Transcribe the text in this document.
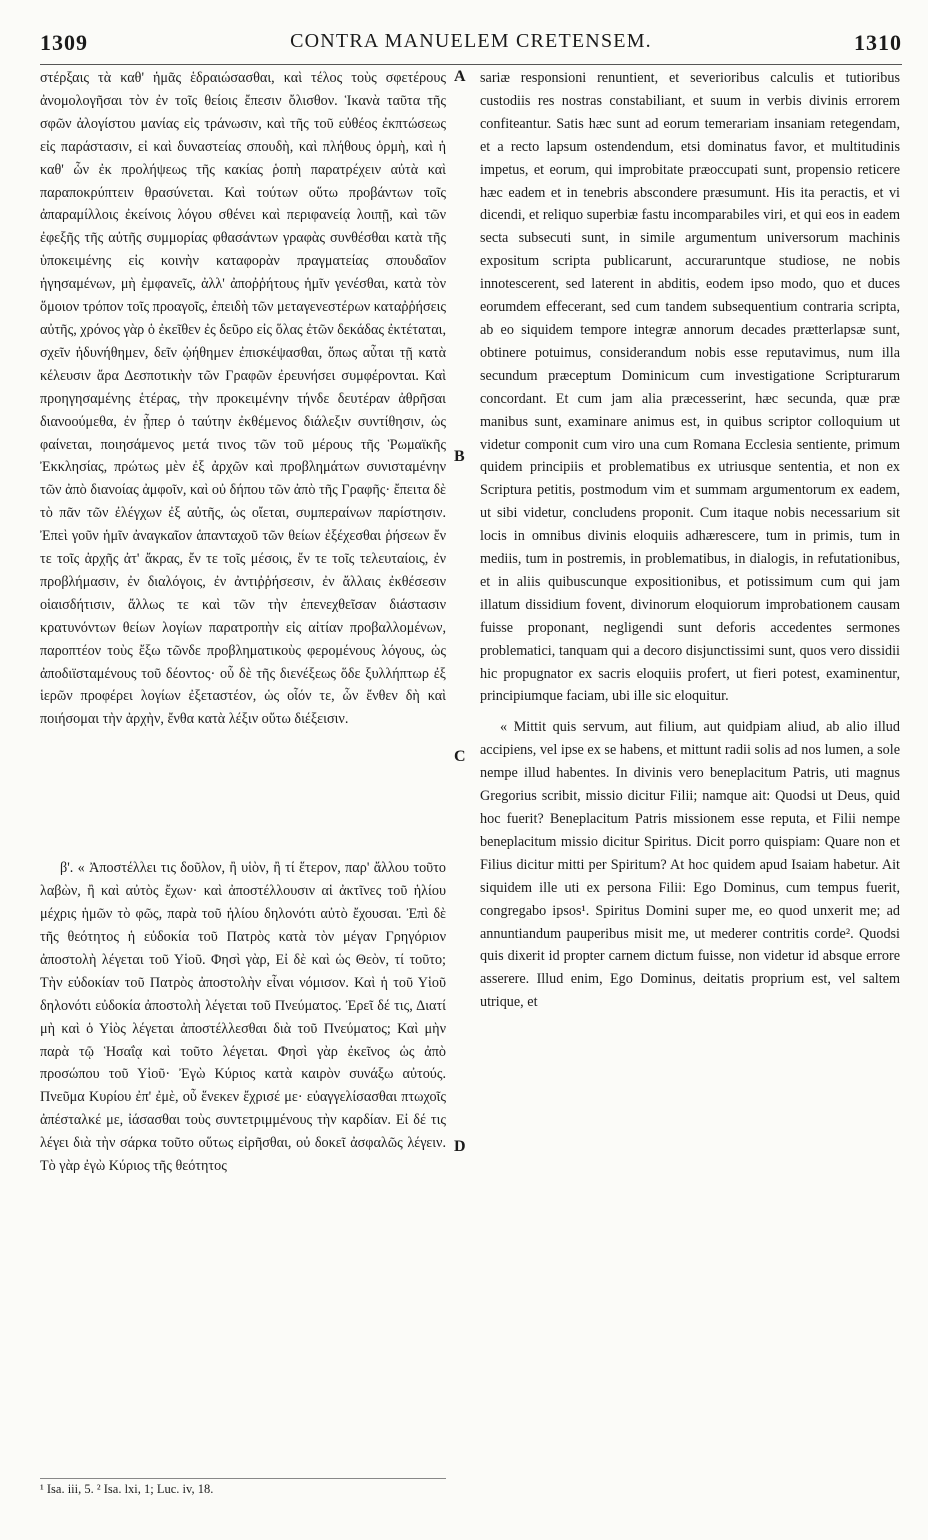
1309	CONTRA MANUELEM CRETENSEM.	1310

στέρξαις τὰ καθ' ἡμᾶς ἑδραιώσασθαι, καὶ τέλος τοὺς σφετέρους ἀνομολογῆσαι τὸν ἐν τοῖς θείοις ἔπεσιν ὄλισθον. Ἱκανὰ ταῦτα τῆς σφῶν ἀλογίστου μανίας εἰς τράνωσιν, καὶ τῆς τοῦ εὐθέος ἐκπτώσεως εἰς παράστασιν, εἰ καὶ δυναστείας σπουδὴ, καὶ πλήθους ὁρμὴ, καὶ ἡ καθ' ὧν ἐκ προλήψεως τῆς κακίας ῥοπὴ παρατρέχειν αὐτὰ καὶ παραποκρύπτειν θρασύνεται. Καὶ τούτων οὕτω προβάντων τοῖς ἀπαραμίλλοις ἐκείνοις λόγου σθένει καὶ περιφανείᾳ λοιπῇ, καὶ τῶν ἐφεξῆς τῆς αὐτῆς συμμορίας φθασάντων γραφὰς συνθέσθαι κατὰ τῆς ὑποκειμένης εἰς κοινὴν καταφορὰν πραγματείας σπουδαῖον ἡγησαμένων, μὴ ἐμφανεῖς, ἀλλ' ἀποῤῥήτους ἡμῖν γενέσθαι, κατὰ τὸν ὅμοιον τρόπον τοῖς προαγοῖς, ἐπειδὴ τῶν μεταγενεστέρων καταῤῥήσεις αὐτῆς, χρόνος γὰρ ὁ ἐκεῖθεν ἐς δεῦρο εἰς ὅλας ἐτῶν δεκάδας ἐκτέταται, σχεῖν ἠδυνήθημεν, δεῖν ᾠήθημεν ἐπισκέψασθαι, ὅπως αὗται τῇ κατὰ κέλευσιν ἄρα Δεσποτικὴν τῶν Γραφῶν ἐρευνήσει συμφέρονται. Καὶ προηγησαμένης ἑτέρας, τὴν προκειμένην τήνδε δευτέραν ἀθρῆσαι διανοούμεθα, ἐν ᾗπερ ὁ ταύτην ἐκθέμενος διάλεξιν συντίθησιν, ὡς φαίνεται, ποιησάμενος μετά τινος τῶν τοῦ μέρους τῆς Ῥωμαϊκῆς Ἐκκλησίας, πρώτως μὲν ἐξ ἀρχῶν καὶ προβλημάτων συνισταμένην τῶν ἀπὸ διανοίας ἀμφοῖν, καὶ οὐ δήπου τῶν ἀπὸ τῆς Γραφῆς· ἔπειτα δὲ τὸ πᾶν τῶν ἐλέγχων ἐξ αὐτῆς, ὡς οἴεται, συμπεραίνων παρίστησιν. Ἐπεὶ γοῦν ἡμῖν ἀναγκαῖον ἁπανταχοῦ τῶν θείων ἐξέχεσθαι ῥήσεων ἔν τε τοῖς ἀρχῆς ἀτ' ἄκρας, ἔν τε τοῖς μέσοις, ἔν τε τοῖς τελευταίοις, ἐν προβλήμασιν, ἐν διαλόγοις, ἐν ἀντιῤῥήσεσιν, ἐν ἄλλαις ἐκθέσεσιν οἱαισδήτισιν, ἄλλως τε καὶ τῶν τὴν ἐπενεχθεῖσαν διάστασιν κρατυνόντων θείων λογίων παρατροπὴν εἰς αἰτίαν προβαλλομένων, παροπτέον τοὺς ἔξω τῶνδε προβληματικοὺς φερομένους λόγους, ὡς ἀποδιϊσταμένους τοῦ δέοντος· οὗ δὲ τῆς διενέξεως ὅδε ξυλλήπτωρ ἐξ ἱερῶν προφέρει λογίων ἐξεταστέον, ὡς οἷόν τε, ὧν ἔνθεν δὴ καὶ ποιήσομαι τὴν ἀρχὴν, ἔνθα κατὰ λέξιν οὕτω διέξεισιν.

β'. « Ἀποστέλλει τις δοῦλον, ἢ υἱὸν, ἢ τί ἕτερον, παρ' ἄλλου τοῦτο λαβὼν, ἢ καὶ αὐτὸς ἔχων· καὶ ἀποστέλλουσιν αἱ ἀκτῖνες τοῦ ἡλίου μέχρις ἡμῶν τὸ φῶς, παρὰ τοῦ ἡλίου δηλονότι αὐτὸ ἔχουσαι. Ἐπὶ δὲ τῆς θεότητος ἡ εὐδοκία τοῦ Πατρὸς κατὰ τὸν μέγαν Γρηγόριον ἀποστολὴ λέγεται τοῦ Υἱοῦ. Φησὶ γὰρ, Εἰ δὲ καὶ ὡς Θεὸν, τί τοῦτο; Τὴν εὐδοκίαν τοῦ Πατρὸς ἀποστολὴν εἶναι νόμισον. Καὶ ἡ τοῦ Υἱοῦ δηλονότι εὐδοκία ἀποστολὴ λέγεται τοῦ Πνεύματος. Ἐρεῖ δέ τις, Διατί μὴ καὶ ὁ Υἱὸς λέγεται ἀποστέλλεσθαι διὰ τοῦ Πνεύματος; Καὶ μὴν παρὰ τῷ Ἡσαΐᾳ καὶ τοῦτο λέγεται. Φησὶ γὰρ ἐκεῖνος ὡς ἀπὸ προσώπου τοῦ Υἱοῦ· Ἐγὼ Κύριος κατὰ καιρὸν συνάξω αὐτούς. Πνεῦμα Κυρίου ἐπ' ἐμὲ, οὗ ἕνεκεν ἔχρισέ με· εὐαγγελίσασθαι πτωχοῖς ἀπέσταλκέ με, ἰάσασθαι τοὺς συντετριμμένους τὴν καρδίαν. Εἰ δέ τις λέγει διὰ τὴν σάρκα τοῦτο οὕτως εἰρῆσθαι, οὐ δοκεῖ ἀσφαλῶς λέγειν. Τὸ γὰρ ἐγὼ Κύριος τῆς θεότητος

sariæ responsioni renuntient, et severioribus calculis et tutioribus custodiis res nostras constabiliant, et suum in verbis divinis errorem confiteantur. Satis hæc sunt ad eorum temerariam insaniam retegendam, et a recto lapsum ostendendum, etsi dominatus favor, et multitudinis impetus, et eorum, qui improbitate præoccupati sunt, propensio reticere hæc eadem et in tenebris abscondere præsumunt. His ita peractis, et vi dicendi, et reliquo superbiæ fastu incomparabiles viri, et qui eos in eadem secta subsecuti sunt, in simile argumentum universorum machinis expositum scripta publicarunt, accuraruntque studiose, ne nobis innotescerent, sed laterent in abditis, eodem ipso modo, quo et duces eorumdem effecerant, sed cum tandem subsequentium contraria scripta, ab eo siquidem tempore integræ annorum decades prætterlapsæ sunt, obtinere potuimus, considerandum nobis esse reputavimus, num illa secundum præceptum Dominicum cum investigatione Scripturarum concordant. Et cum jam alia præcesserint, hæc secunda, quæ præ manibus sunt, examinare animus est, in quibus scriptor colloquium ut videtur componit cum viro una cum Romana Ecclesia sentiente, primum quidem principiis et problematibus ex utriusque sententia, et non ex Scriptura petitis, postmodum vim et summam argumentorum ex eadem, ut sibi videtur, concludens proponit. Cum itaque nobis necessarium sit locis in omnibus divinis eloquiis adhærescere, tum in primis, tum in mediis, tum in postremis, in problematibus, in dialogis, in refutationibus, et in aliis quibuscunque expositionibus, et potissimum cum qui jam illatum dissidium fovent, divinorum eloquiorum improbationem causam fuisse proponant, negligendi sunt deforis accedentes sermones problematici, tanquam qui a decoro disjunctissimi sunt, quos vero dissidii hic propugnator ex sacris eloquiis profert, ut fieri potest, examinentur, principiumque faciam, ubi ille sic eloquitur.

« Mittit quis servum, aut filium, aut quidpiam aliud, ab alio illud accipiens, vel ipse ex se habens, et mittunt radii solis ad nos lumen, a sole nempe illud habentes. In divinis vero beneplacitum Patris, uti magnus Gregorius scribit, missio dicitur Filii; namque ait: Quodsi ut Deus, quid hoc fuerit? Beneplacitum Patris missionem esse reputa, et Filii nempe beneplacitum missio dicitur Spiritus. Dicit porro quispiam: Quare non et Filius dicitur mitti per Spiritum? At hoc quidem apud Isaiam habetur. Ait siquidem ille uti ex persona Filii: Ego Dominus, cum tempus fuerit, congregabo ipsos¹. Spiritus Domini super me, eo quod unxerit me; ad annuntiandum pauperibus misit me, ut mederer contritis corde². Quodsi quis dixerit id propter carnem dictum fuisse, non videtur id absque errore asserere. Illud enim, Ego Dominus, deitatis proprium est, vel saltem utrique, et

A
B
C
D
¹ Isa. iii, 5. ² Isa. lxi, 1; Luc. iv, 18.
